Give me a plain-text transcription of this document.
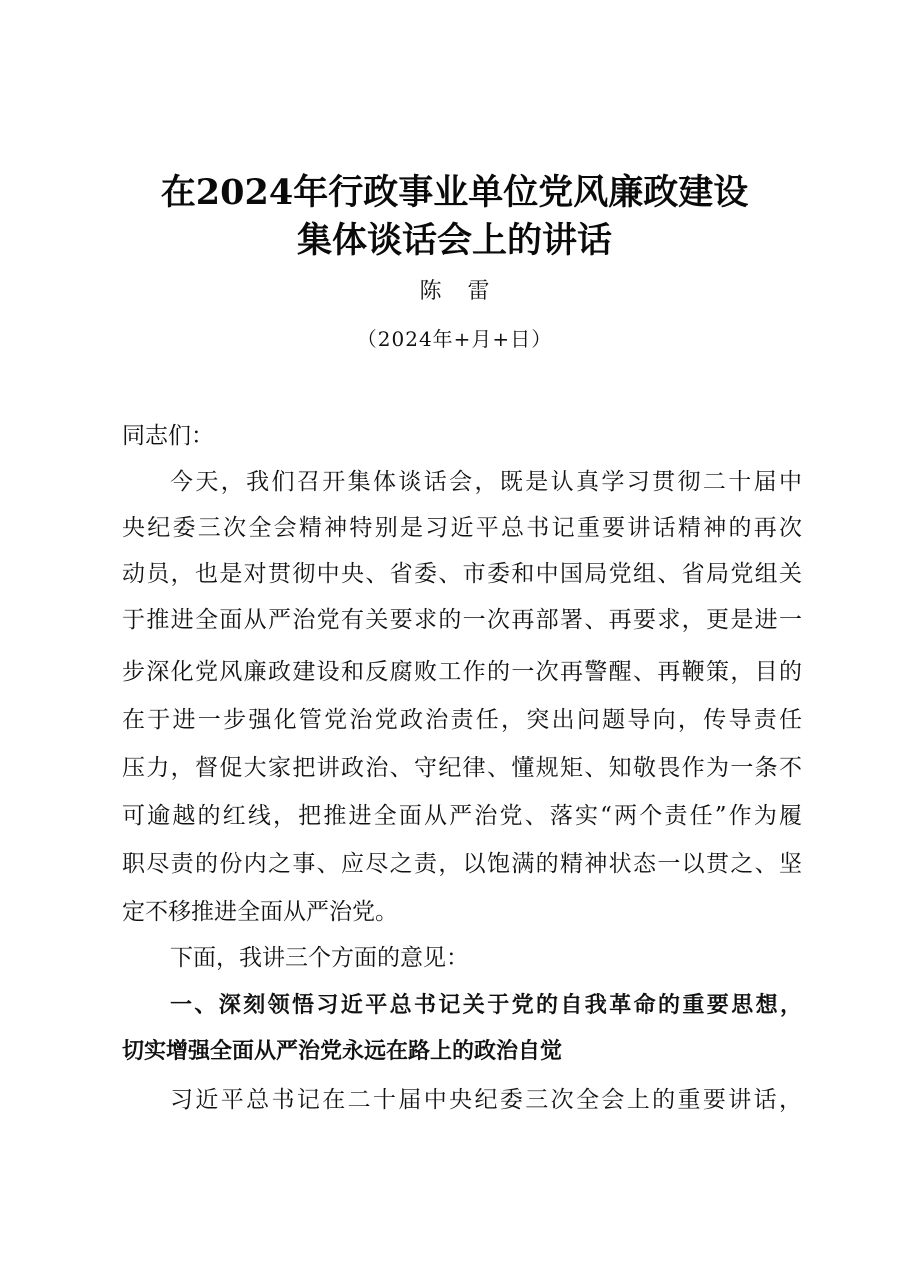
在2024年行政事业单位党风廉政建设
集体谈话会上的讲话
陈雷
（2024年+月+日）
同志们：
今天，我们召开集体谈话会，既是认真学习贯彻二十届中
央纪委三次全会精神特别是习近平总书记重要讲话精神的再次
动员，也是对贯彻中央、省委、市委和中国局党组、省局党组关
于推进全面从严治党有关要求的一次再部署、再要求，更是进一
步深化党风廉政建设和反腐败工作的一次再警醒、再鞭策，目的
在于进一步强化管党治党政治责任，突出问题导向，传导责任
压力，督促大家把讲政治、守纪律、懂规矩、知敬畏作为一条不
可逾越的红线，把推进全面从严治党、落实“两个责任”作为履
职尽责的份内之事、应尽之责，以饱满的精神状态一以贯之、坚
定不移推进全面从严治党。
下面，我讲三个方面的意见：
一、深刻领悟习近平总书记关于党的自我革命的重要思想，
切实增强全面从严治党永远在路上的政治自觉
习近平总书记在二十届中央纪委三次全会上的重要讲话，
